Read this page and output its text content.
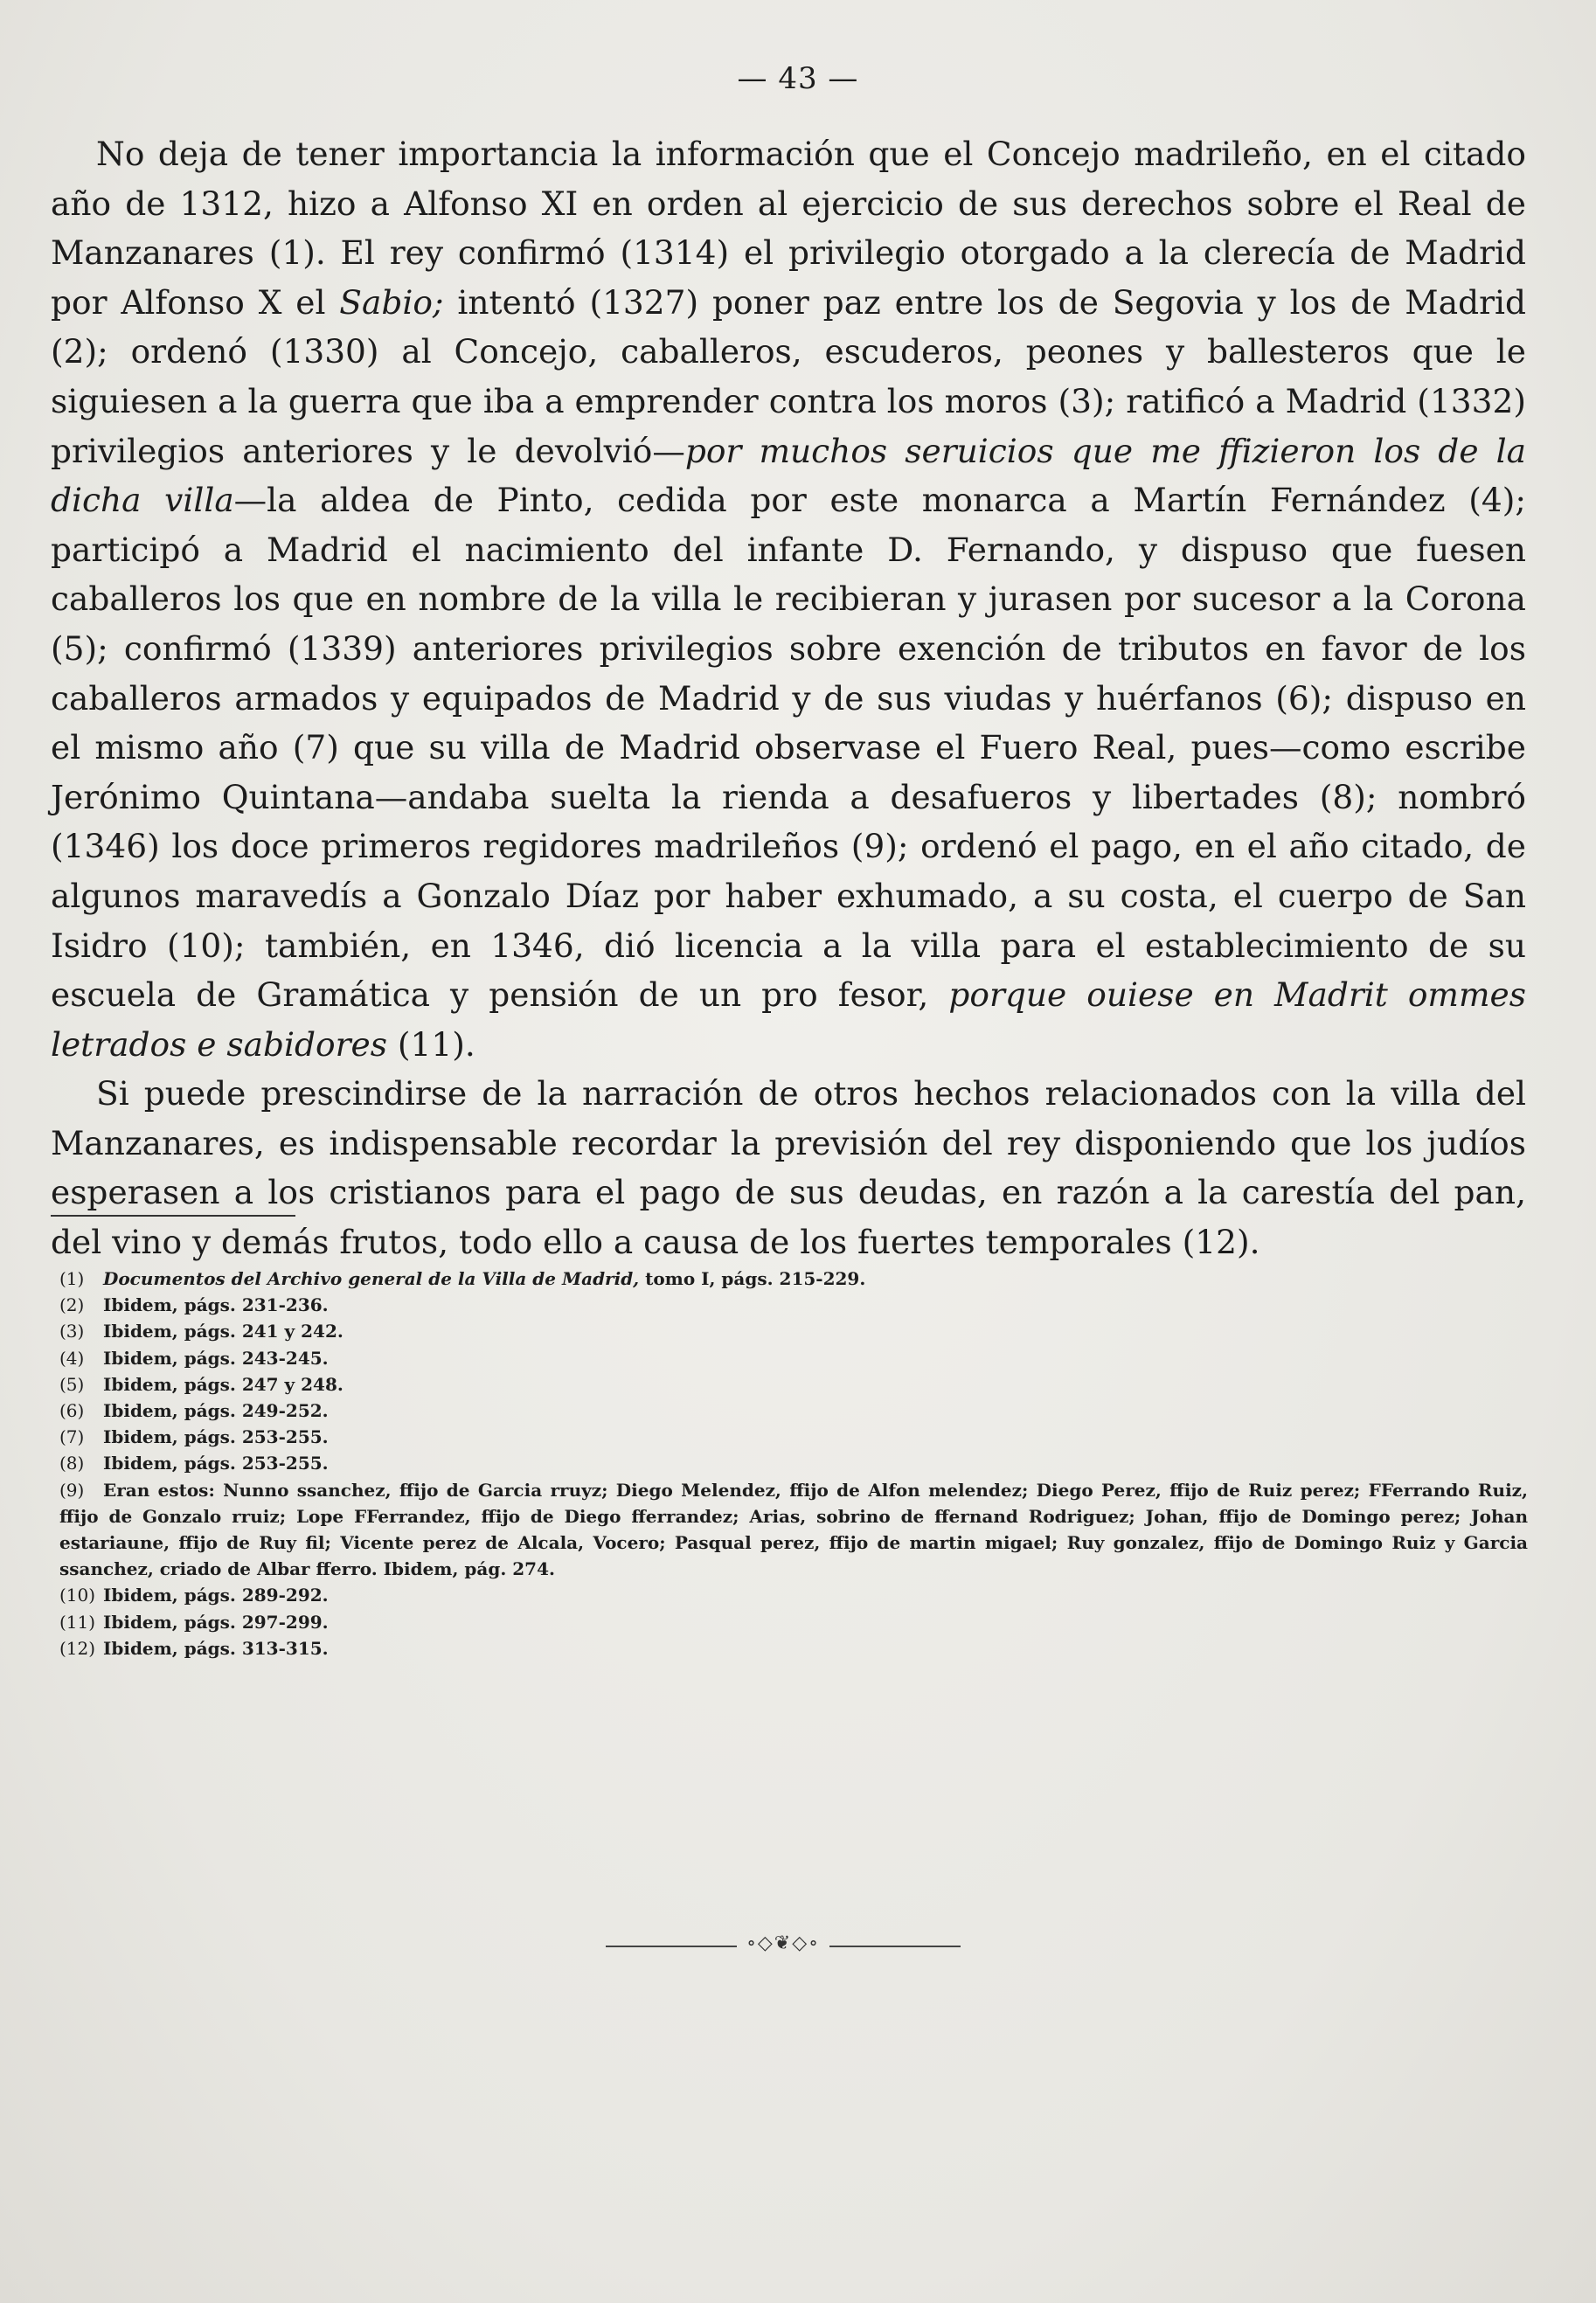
— 43 —

No deja de tener importancia la información que el Concejo madrileño, en el citado año de 1312, hizo a Alfonso XI en orden al ejercicio de sus derechos sobre el Real de Manzanares (1). El rey confirmó (1314) el privilegio otorgado a la clerecía de Madrid por Alfonso X el Sabio; intentó (1327) poner paz entre los de Segovia y los de Madrid (2); ordenó (1330) al Concejo, caballeros, escuderos, peones y ballesteros que le siguiesen a la guerra que iba a emprender contra los moros (3); ratificó a Madrid (1332) privilegios anteriores y le devolvió—por muchos seruicios que me ffizieron los de la dicha villa—la aldea de Pinto, cedida por este monarca a Martín Fernández (4); participó a Madrid el nacimiento del infante D. Fernando, y dispuso que fuesen caballeros los que en nombre de la villa le recibieran y jurasen por sucesor a la Corona (5); confirmó (1339) anteriores privilegios sobre exención de tributos en favor de los caballeros armados y equipados de Madrid y de sus viudas y huérfanos (6); dispuso en el mismo año (7) que su villa de Madrid observase el Fuero Real, pues—como escribe Jerónimo Quintana—andaba suelta la rienda a desafueros y libertades (8); nombró (1346) los doce primeros regidores madrileños (9); ordenó el pago, en el año citado, de algunos maravedís a Gonzalo Díaz por haber exhumado, a su costa, el cuerpo de San Isidro (10); también, en 1346, dió licencia a la villa para el establecimiento de su escuela de Gramática y pensión de un pro fesor, porque ouiese en Madrit ommes letrados e sabidores (11).

Si puede prescindirse de la narración de otros hechos relacionados con la villa del Manzanares, es indispensable recordar la previsión del rey disponiendo que los judíos esperasen a los cristianos para el pago de sus deudas, en razón a la carestía del pan, del vino y demás frutos, todo ello a causa de los fuertes temporales (12).

(1) Documentos del Archivo general de la Villa de Madrid, tomo I, págs. 215-229.

(2) Ibidem, págs. 231-236.

(3) Ibidem, págs. 241 y 242.

(4) Ibidem, págs. 243-245.

(5) Ibidem, págs. 247 y 248.

(6) Ibidem, págs. 249-252.

(7) Ibidem, págs. 253-255.

(8) Ibidem, págs. 253-255.

(9) Eran estos: Nunno ssanchez, ffijo de Garcia rruyz; Diego Melendez, ffijo de Alfon melendez; Diego Perez, ffijo de Ruiz perez; FFerrando Ruiz, ffijo de Gonzalo rruiz; Lope FFerrandez, ffijo de Diego fferrandez; Arias, sobrino de ffernand Rodriguez; Johan, ffijo de Domingo perez; Johan estariaune, ffijo de Ruy fil; Vicente perez de Alcala, Vocero; Pasqual perez, ffijo de martin migael; Ruy gonzalez, ffijo de Domingo Ruiz y Garcia ssanchez, criado de Albar fferro. Ibidem, pág. 274.

(10) Ibidem, págs. 289-292.

(11) Ibidem, págs. 297-299.

(12) Ibidem, págs. 313-315.

∘◇❦◇∘
